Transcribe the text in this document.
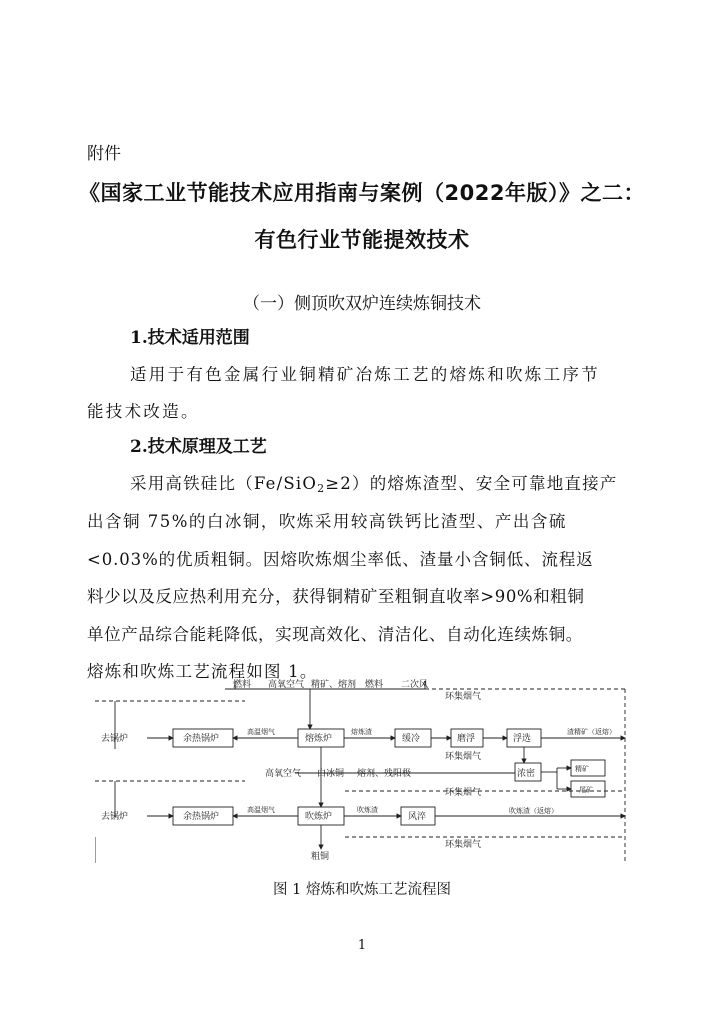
附件
《国家工业节能技术应用指南与案例（2022年版）》之二：
有色行业节能提效技术
（一）侧顶吹双炉连续炼铜技术
1.技术适用范围
适用于有色金属行业铜精矿冶炼工艺的熔炼和吹炼工序节
能技术改造。
2.技术原理及工艺
采用高铁硅比（Fe/SiO$_2$≥2）的熔炼渣型、安全可靠地直接产
出含铜 75%的白冰铜，吹炼采用较高铁钙比渣型、产出含硫
<0.03%的优质粗铜。因熔吹炼烟尘率低、渣量小含铜低、流程返
料少以及反应热利用充分，获得铜精矿至粗铜直收率>90%和粗铜
单位产品综合能耗降低，实现高效化、清洁化、自动化连续炼铜。
熔炼和吹炼工艺流程如图 1。
燃料 高氧空气 精矿、熔剂 燃料 二次风
环集烟气
去锅炉	余热锅炉
高温烟气
熔炼炉
熔炼渣
缓冷	磨浮	浮选
渣精矿（返熔）
环集烟气
浓密	精矿
尾矿
高氧空气 白冰铜 熔剂、残阳极
环集烟气
去锅炉	余热锅炉
高温烟气
吹炼炉
吹炼渣
风淬
吹炼渣（返熔）
粗铜
环集烟气
图 1 熔炼和吹炼工艺流程图
1
